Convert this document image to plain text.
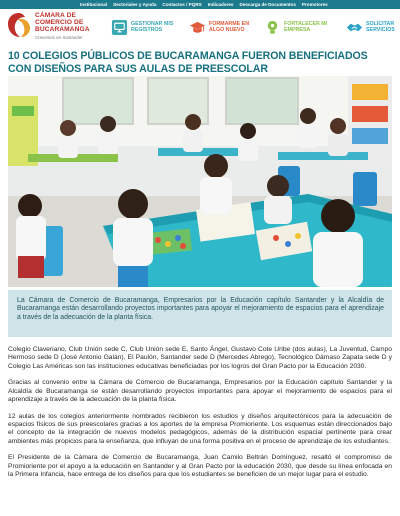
Institucional Sectoriales y Ayuda Contactos / PQRS Indicadores Descarga de Documentos Promotores
CÁMARA DE
COMERCIO DE
BUCARAMANGA
Crecemos en Santander
GESTIONAR MIS
REGISTROS
FORMARME EN
ALGO NUEVO
FORTALECER MI
EMPRESA
SOLICITAR
SERVICIOS
10 COLEGIOS PÚBLICOS DE BUCARAMANGA FUERON BENEFICIADOS CON DISEÑOS PARA SUS AULAS DE PREESCOLAR

La Cámara de Comercio de Bucaramanga, Empresarios por la Educación capítulo Santander y la Alcaldía de Bucaramanga están desarrollando proyectos importantes para apoyar el mejoramiento de espacios para el aprendizaje a través de la adecuación de la planta física.

Colegio Claveriano, Club Unión sede C, Club Unión sede E, Santo Ángel, Gustavo Cote Uribe (dos aulas), La Juventud, Campo Hermoso sede D (José Antonio Galán), El Paulón, Santander sede D (Mercedes Abrego), Tecnológico Dámaso Zapata sede D y Colegio Las Américas son las instituciones educativas beneficiadas por los logros del Gran Pacto por la Educación 2030.

Gracias al convenio entre la Cámara de Comercio de Bucaramanga, Empresarios por la Educación capítulo Santander y la Alcaldía de Bucaramanga se están desarrollando proyectos importantes para apoyar el mejoramiento de espacios para el aprendizaje a través de la adecuación de la planta física.

12 aulas de los colegios anteriormente nombrados recibieron los estudios y diseños arquitectónicos para la adecuación de espacios físicos de sus preescolares gracias a los aportes de la empresa Promioriente. Los esquemas están direccionados bajo el concepto de la integración de nuevos modelos pedagógicos, además de la distribución espacial pertinente para crear ambientes más propicios para la enseñanza, que influyan de una forma positiva en el proceso de aprendizaje de los estudiantes.

El Presidente de la Cámara de Comercio de Bucaramanga, Juan Camilo Beltrán Domínguez, resaltó el compromiso de Promioriente por el apoyo a la educación en Santander y al Gran Pacto por la educación 2030, que desde su línea enfocada en la Primera Infancia, hace entrega de los diseños para que los estudiantes se beneficien de un mejor lugar para el estudio.
